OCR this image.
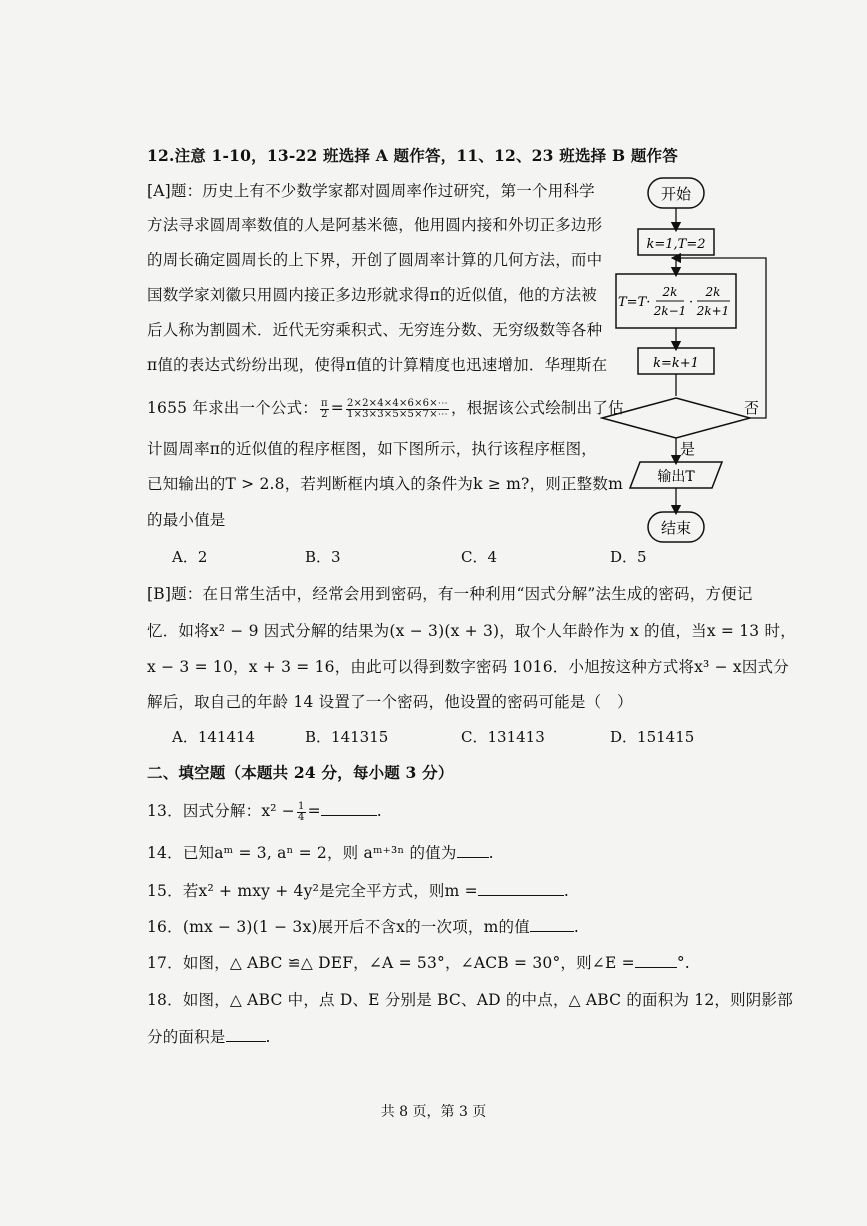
12.注意 1-10，13-22 班选择 A 题作答，11、12、23 班选择 B 题作答
[A]题：历史上有不少数学家都对圆周率作过研究，第一个用科学
方法寻求圆周率数值的人是阿基米德，他用圆内接和外切正多边形
的周长确定圆周长的上下界，开创了圆周率计算的几何方法，而中
国数学家刘徽只用圆内接正多边形就求得π的近似值，他的方法被
后人称为割圆术．近代无穷乘积式、无穷连分数、无穷级数等各种
π值的表达式纷纷出现，使得π值的计算精度也迅速增加．华理斯在
1655 年求出一个公式： $\frac{\pi}{2} = \frac{2\times 2\times 4\times 4\times 6\times 6\times\cdots}{1\times 3\times 3\times 5\times 5\times 7\times\cdots}$ ，根据该公式绘制出了估
计圆周率π的近似值的程序框图，如下图所示，执行该程序框图，
已知输出的T > 2.8，若判断框内填入的条件为k ≥ m?，则正整数m
的最小值是
A．2	B．3	C．4	D．5
开始
k=1,T=2
T=T·
2k
2k−1
·
2k
2k+1
k=k+1
否
是
输出T
结束
[B]题：在日常生活中，经常会用到密码，有一种利用“因式分解”法生成的密码，方便记
忆．如将x² − 9 因式分解的结果为(x − 3)(x + 3)，取个人年龄作为 x 的值，当x = 13 时，
x − 3 = 10，x + 3 = 16，由此可以得到数字密码 1016．小旭按这种方式将x³ − x因式分
解后，取自己的年龄 14 设置了一个密码，他设置的密码可能是（　）
A．141414	B．141315	C．131413	D．151415
二、填空题（本题共 24 分，每小题 3 分）
13．因式分解：$x^2 - \frac{1}{4}$ =	.
14．已知aᵐ = 3, aⁿ = 2，则 aᵐ⁺³ⁿ 的值为 .
15．若x² + mxy + 4y²是完全平方式，则m =	.
16．(mx − 3)(1 − 3x)展开后不含x的一次项，m的值	.
17．如图，△ ABC ≌△ DEF，∠A = 53°，∠ACB = 30°，则∠E =	°.
18．如图，△ ABC 中，点 D、E 分别是 BC、AD 的中点，△ ABC 的面积为 12，则阴影部
分的面积是	.
共 8 页，第 3 页
